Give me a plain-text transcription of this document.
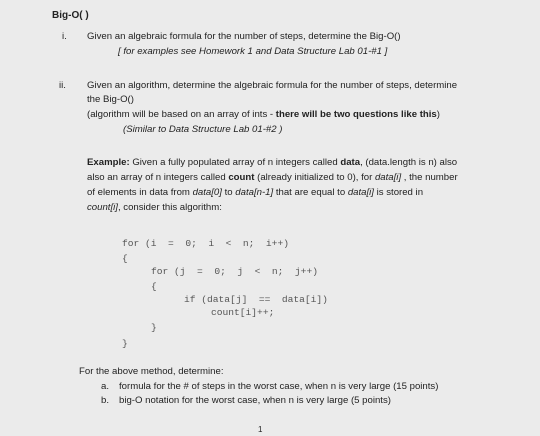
Big-O( )
i. Given an algebraic formula for the number of steps, determine the Big-O()
[ for examples see Homework 1 and Data Structure Lab 01-#1 ]
ii. Given an algorithm, determine the algebraic formula for the number of steps, determine
the Big-O()
(algorithm will be based on an array of ints - there will be two questions like this)
(Similar to Data Structure Lab 01-#2 )
Example: Given a fully populated array of n integers called data, (data.length is n) also
also an array of n integers called count (already initialized to 0), for data[i] , the number
of elements in data from data[0] to data[n-1] that are equal to data[i] is stored in
count[i], consider this algorithm:
for (i  =  0;  i  <  n;  i++)
{
for (j  =  0;  j  <  n;  j++)
{
if (data[j]  ==  data[i])
count[i]++;
}
}
For the above method, determine:
a. formula for the # of steps in the worst case, when n is very large (15 points)
b. big-O notation for the worst case, when n is very large (5 points)
1
